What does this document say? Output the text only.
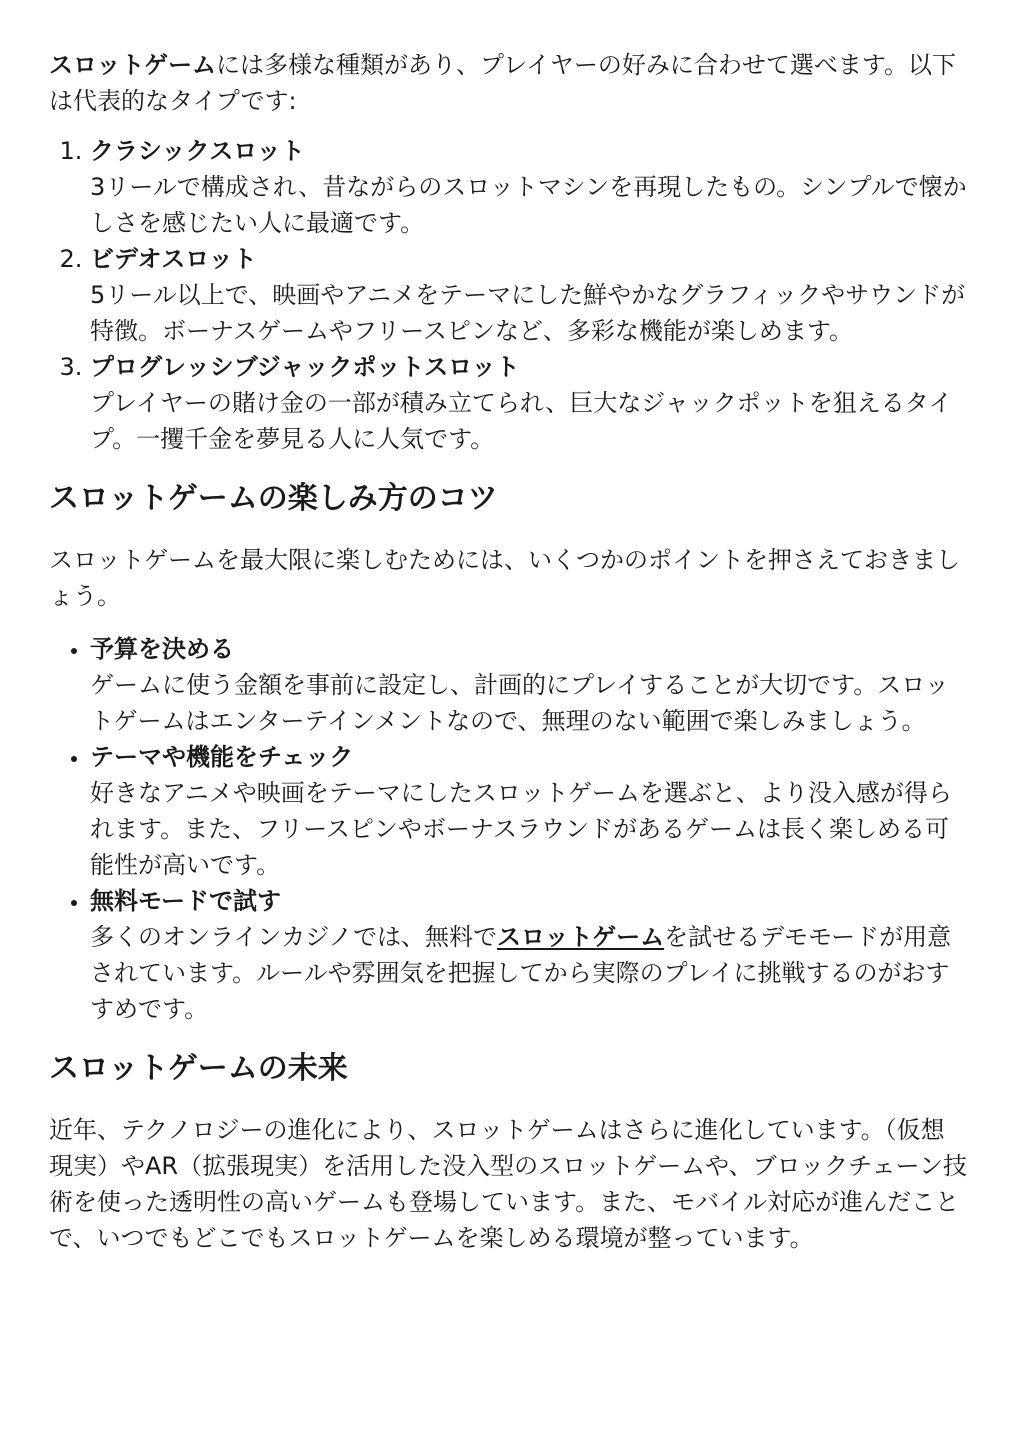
スロットゲームには多様な種類があり、プレイヤーの好みに合わせて選べます。以下は代表的なタイプです:

1. クラシックスロット
3リールで構成され、昔ながらのスロットマシンを再現したもの。シンプルで懐かしさを感じたい人に最適です。
2. ビデオスロット
5リール以上で、映画やアニメをテーマにした鮮やかなグラフィックやサウンドが特徴。ボーナスゲームやフリースピンなど、多彩な機能が楽しめます。
3. プログレッシブジャックポットスロット
プレイヤーの賭け金の一部が積み立てられ、巨大なジャックポットを狙えるタイプ。一攫千金を夢見る人に人気です。
スロットゲームの楽しみ方のコツ

スロットゲームを最大限に楽しむためには、いくつかのポイントを押さえておきましょう。

• 予算を決める
ゲームに使う金額を事前に設定し、計画的にプレイすることが大切です。スロットゲームはエンターテインメントなので、無理のない範囲で楽しみましょう。
• テーマや機能をチェック
好きなアニメや映画をテーマにしたスロットゲームを選ぶと、より没入感が得られます。また、フリースピンやボーナスラウンドがあるゲームは長く楽しめる可能性が高いです。
• 無料モードで試す
多くのオンラインカジノでは、無料でスロットゲームを試せるデモモードが用意されています。ルールや雰囲気を把握してから実際のプレイに挑戦するのがおすすめです。
スロットゲームの未来

近年、テクノロジーの進化により、スロットゲームはさらに進化しています。（仮想現実）やAR（拡張現実）を活用した没入型のスロットゲームや、ブロックチェーン技術を使った透明性の高いゲームも登場しています。また、モバイル対応が進んだことで、いつでもどこでもスロットゲームを楽しめる環境が整っています。
